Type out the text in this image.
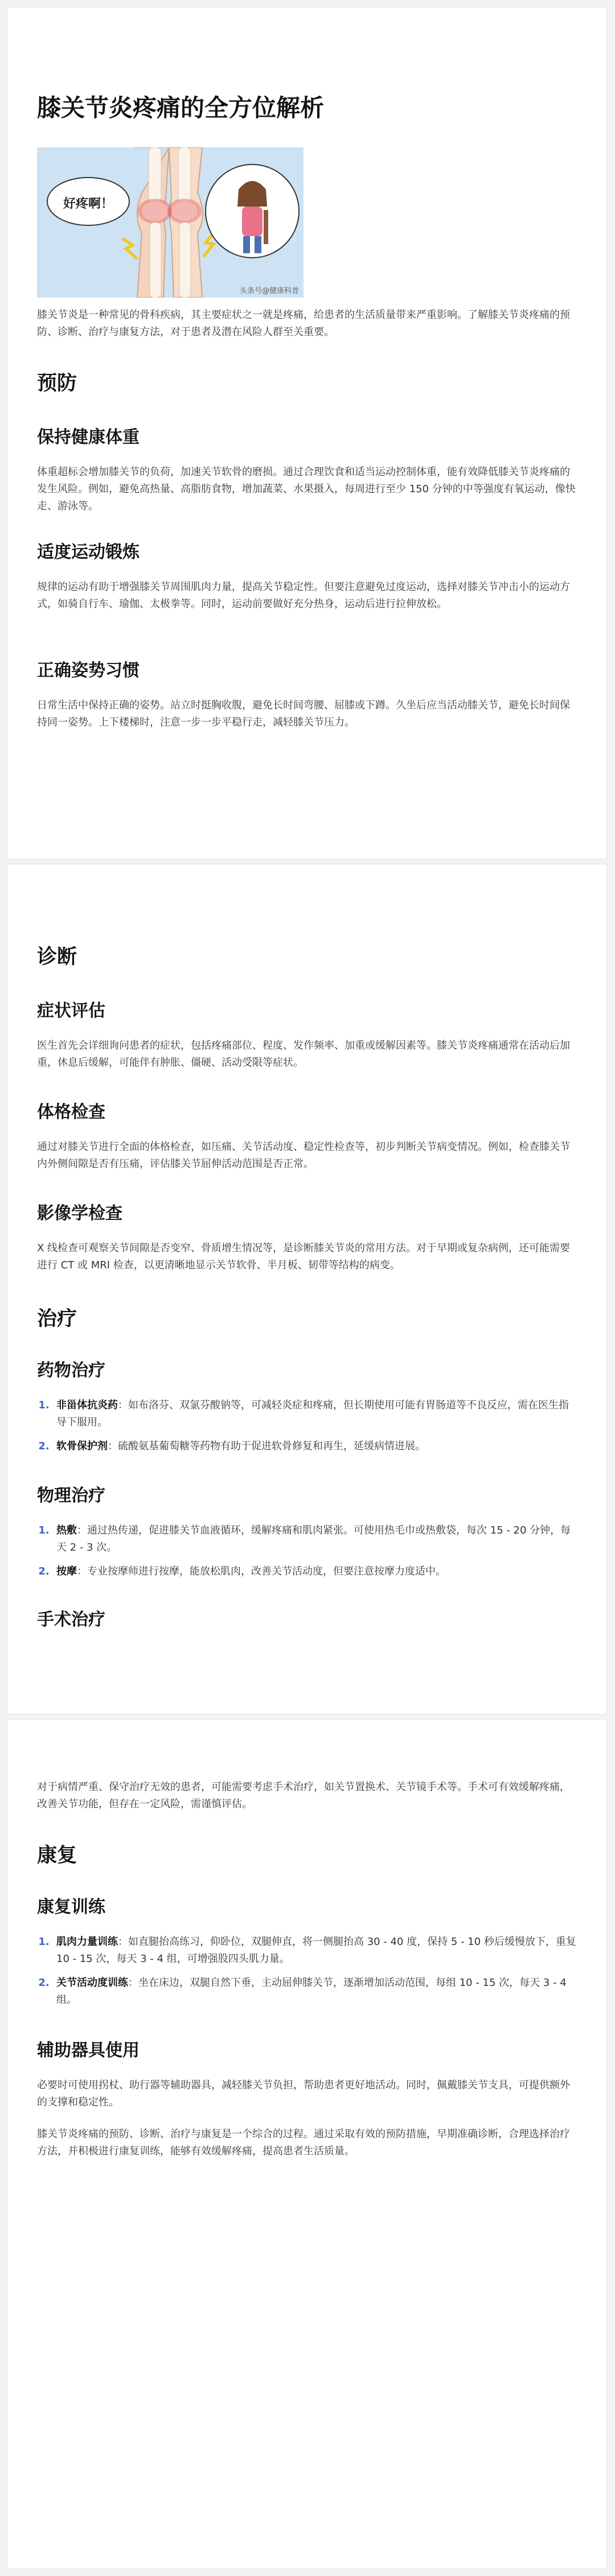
膝关节炎疼痛的全方位解析
好疼啊！
头条号@健康科普

膝关节炎是一种常见的骨科疾病，其主要症状之一就是疼痛，给患者的生活质量带来严重影响。了解膝关节炎疼痛的预防、诊断、治疗与康复方法，对于患者及潜在风险人群至关重要。

预防
保持健康体重

体重超标会增加膝关节的负荷，加速关节软骨的磨损。通过合理饮食和适当运动控制体重，能有效降低膝关节炎疼痛的发生风险。例如，避免高热量、高脂肪食物，增加蔬菜、水果摄入，每周进行至少 150 分钟的中等强度有氧运动，像快走、游泳等。

适度运动锻炼

规律的运动有助于增强膝关节周围肌肉力量，提高关节稳定性。但要注意避免过度运动，选择对膝关节冲击小的运动方式，如骑自行车、瑜伽、太极拳等。同时，运动前要做好充分热身，运动后进行拉伸放松。

正确姿势习惯

日常生活中保持正确的姿势。站立时挺胸收腹，避免长时间弯腰、屈膝或下蹲。久坐后应当活动膝关节，避免长时间保持同一姿势。上下楼梯时，注意一步一步平稳行走，减轻膝关节压力。

诊断
症状评估

医生首先会详细询问患者的症状，包括疼痛部位、程度、发作频率、加重或缓解因素等。膝关节炎疼痛通常在活动后加重，休息后缓解，可能伴有肿胀、僵硬、活动受限等症状。

体格检查

通过对膝关节进行全面的体格检查，如压痛、关节活动度、稳定性检查等，初步判断关节病变情况。例如，检查膝关节内外侧间隙是否有压痛，评估膝关节屈伸活动范围是否正常。

影像学检查

X 线检查可观察关节间隙是否变窄、骨质增生情况等，是诊断膝关节炎的常用方法。对于早期或复杂病例，还可能需要进行 CT 或 MRI 检查，以更清晰地显示关节软骨、半月板、韧带等结构的病变。

治疗
药物治疗
1. 非甾体抗炎药：如布洛芬、双氯芬酸钠等，可减轻炎症和疼痛，但长期使用可能有胃肠道等不良反应，需在医生指导下服用。
2. 软骨保护剂：硫酸氨基葡萄糖等药物有助于促进软骨修复和再生，延缓病情进展。
物理治疗
1. 热敷：通过热传递，促进膝关节血液循环，缓解疼痛和肌肉紧张。可使用热毛巾或热敷袋，每次 15 - 20 分钟，每天 2 - 3 次。
2. 按摩：专业按摩师进行按摩，能放松肌肉，改善关节活动度，但要注意按摩力度适中。
手术治疗

对于病情严重、保守治疗无效的患者，可能需要考虑手术治疗，如关节置换术、关节镜手术等。手术可有效缓解疼痛，改善关节功能，但存在一定风险，需谨慎评估。

康复
康复训练
1. 肌肉力量训练：如直腿抬高练习，仰卧位，双腿伸直，将一侧腿抬高 30 - 40 度，保持 5 - 10 秒后缓慢放下，重复 10 - 15 次，每天 3 - 4 组，可增强股四头肌力量。
2. 关节活动度训练：坐在床边，双腿自然下垂，主动屈伸膝关节，逐渐增加活动范围，每组 10 - 15 次，每天 3 - 4 组。
辅助器具使用

必要时可使用拐杖、助行器等辅助器具，减轻膝关节负担，帮助患者更好地活动。同时，佩戴膝关节支具，可提供额外的支撑和稳定性。

膝关节炎疼痛的预防、诊断、治疗与康复是一个综合的过程。通过采取有效的预防措施，早期准确诊断，合理选择治疗方法，并积极进行康复训练，能够有效缓解疼痛，提高患者生活质量。
